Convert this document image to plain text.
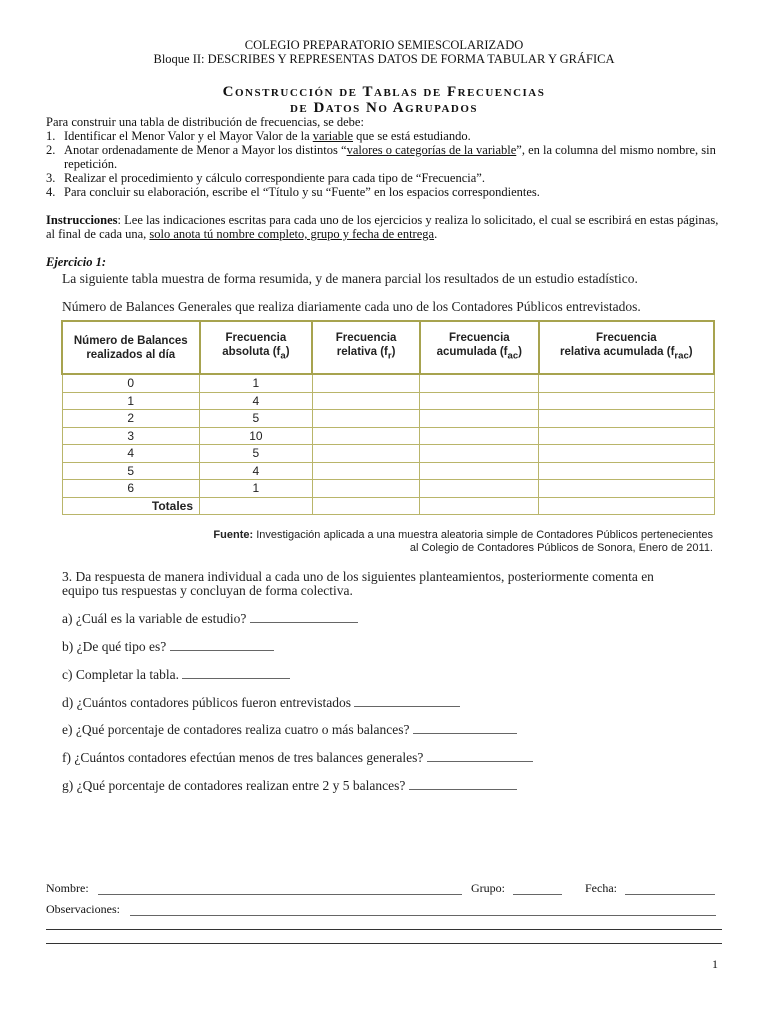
COLEGIO PREPARATORIO SEMIESCOLARIZADO
Bloque II: DESCRIBES Y REPRESENTAS DATOS DE FORMA TABULAR Y GRÁFICA
Construcción de Tablas de Frecuencias
de Datos No Agrupados
Para construir una tabla de distribución de frecuencias, se debe:
1. Identificar el Menor Valor y el Mayor Valor de la variable que se está estudiando.
2. Anotar ordenadamente de Menor a Mayor los distintos “valores o categorías de la variable”, en la columna del mismo nombre, sin repetición.
3. Realizar el procedimiento y cálculo correspondiente para cada tipo de “Frecuencia”.
4. Para concluir su elaboración, escribe el “Título y su “Fuente” en los espacios correspondientes.
Instrucciones: Lee las indicaciones escritas para cada uno de los ejercicios y realiza lo solicitado, el cual se escribirá en estas páginas, al final de cada una, solo anota tú nombre completo, grupo y fecha de entrega.
Ejercicio 1:
La siguiente tabla muestra de forma resumida, y de manera parcial los resultados de un estudio estadístico.
Número de Balances Generales que realiza diariamente cada uno de los Contadores Públicos entrevistados.
Número de Balances
realizados al día	Frecuencia
absoluta $(f_a)$	Frecuencia
relativa $(f_r)$	Frecuencia
acumulada $(f_{ac})$	Frecuencia
relativa acumulada $(f_{rac})$
0	1			
1	4			
2	5			
3	10			
4	5			
5	4			
6	1			
Totales				
Fuente: Investigación aplicada a una muestra aleatoria simple de Contadores Públicos pertenecientes
al Colegio de Contadores Públicos de Sonora, Enero de 2011.
3. Da respuesta de manera individual a cada uno de los siguientes planteamientos, posteriormente comenta en
equipo tus respuestas y concluyan de forma colectiva.
a) ¿Cuál es la variable de estudio?
b) ¿De qué tipo es?
c) Completar la tabla.
d) ¿Cuántos contadores públicos fueron entrevistados
e) ¿Qué porcentaje de contadores realiza cuatro o más balances?
f) ¿Cuántos contadores efectúan menos de tres balances generales?
g) ¿Qué porcentaje de contadores realizan entre 2 y 5 balances?
Nombre:	Grupo:	Fecha:
Observaciones:
1
